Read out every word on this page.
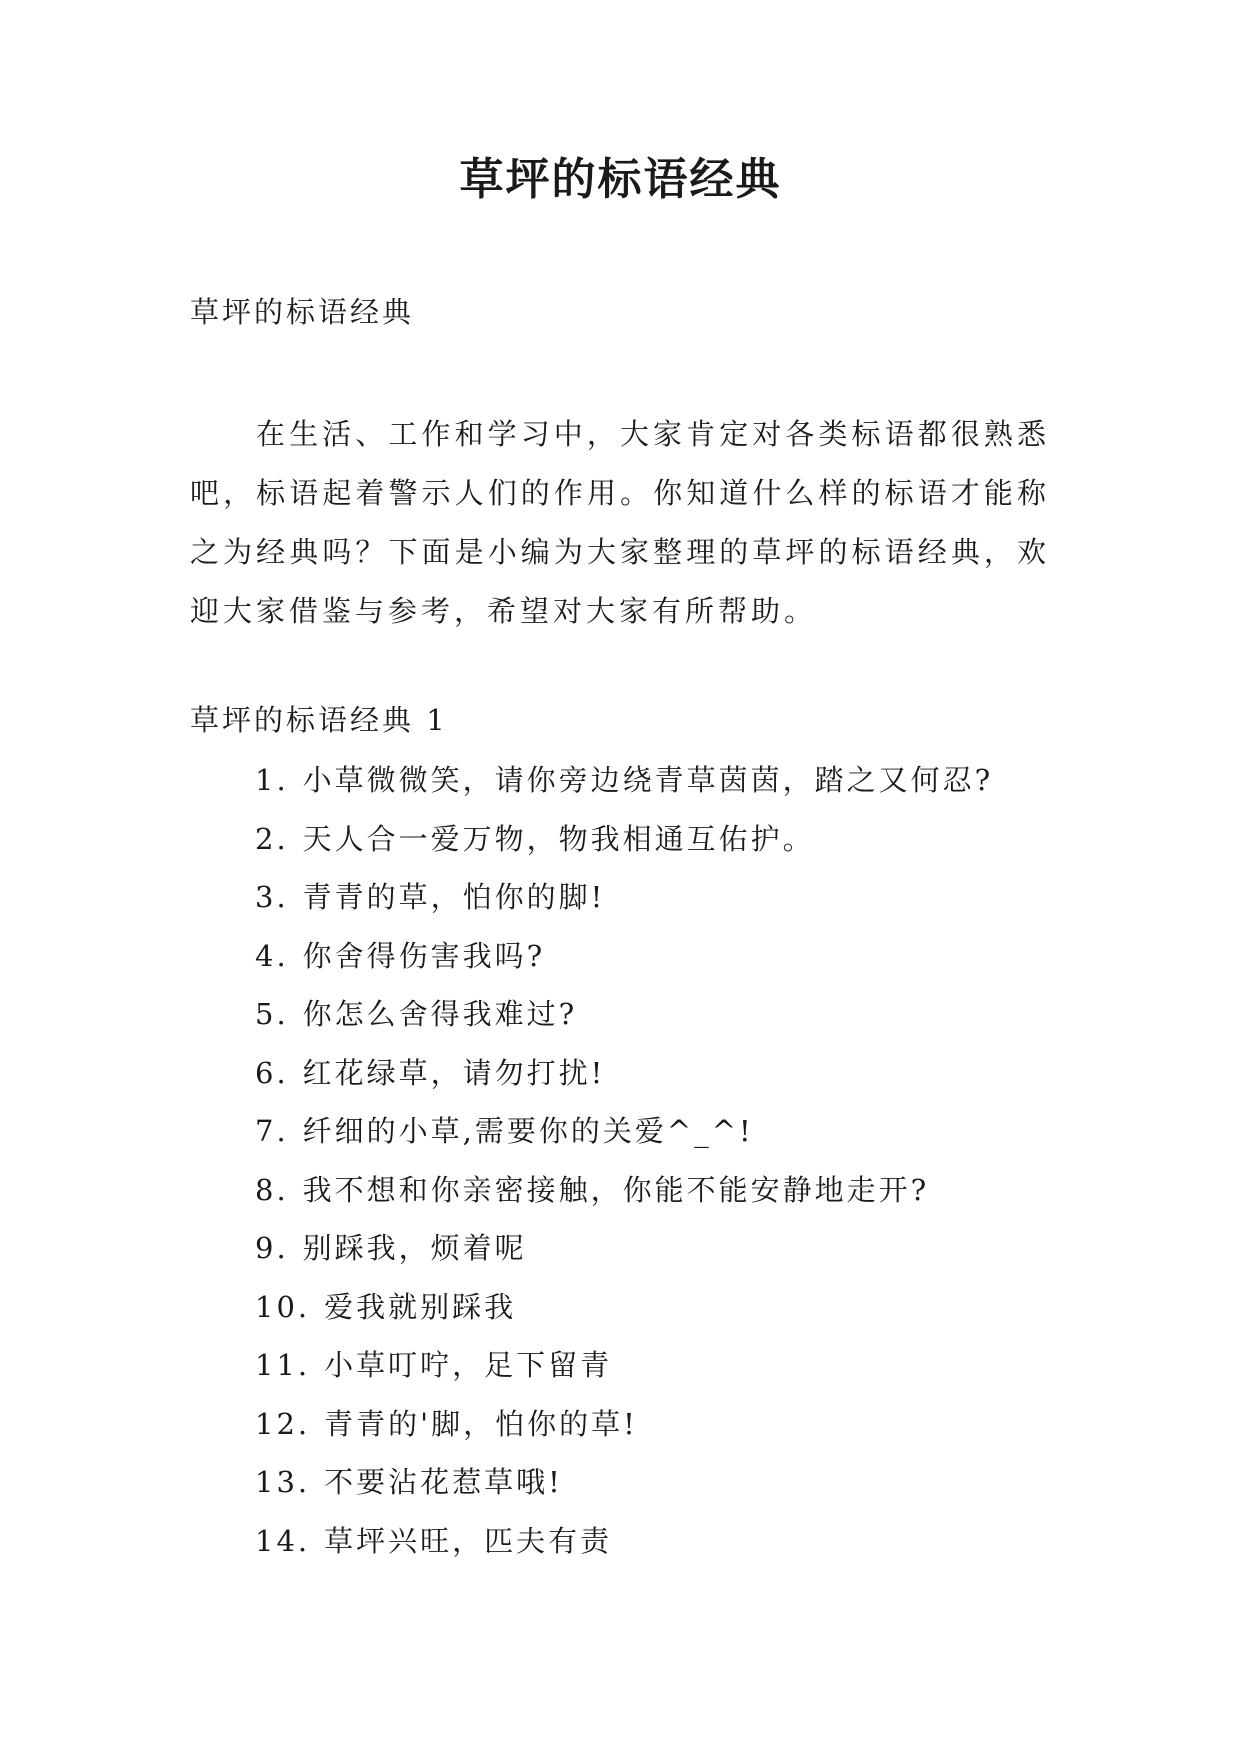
草坪的标语经典
草坪的标语经典

在生活、工作和学习中，大家肯定对各类标语都很熟悉吧，标语起着警示人们的作用。你知道什么样的标语才能称之为经典吗？下面是小编为大家整理的草坪的标语经典，欢迎大家借鉴与参考，希望对大家有所帮助。

草坪的标语经典 1
1. 小草微微笑，请你旁边绕青草茵茵，踏之又何忍?
2. 天人合一爱万物，物我相通互佑护。
3. 青青的草，怕你的脚!
4. 你舍得伤害我吗?
5. 你怎么舍得我难过?
6. 红花绿草，请勿打扰!
7. 纤细的小草,需要你的关爱^_^!
8. 我不想和你亲密接触，你能不能安静地走开?
9. 别踩我，烦着呢
10. 爱我就别踩我
11. 小草叮咛，足下留青
12. 青青的'脚，怕你的草!
13. 不要沾花惹草哦!
14. 草坪兴旺，匹夫有责
